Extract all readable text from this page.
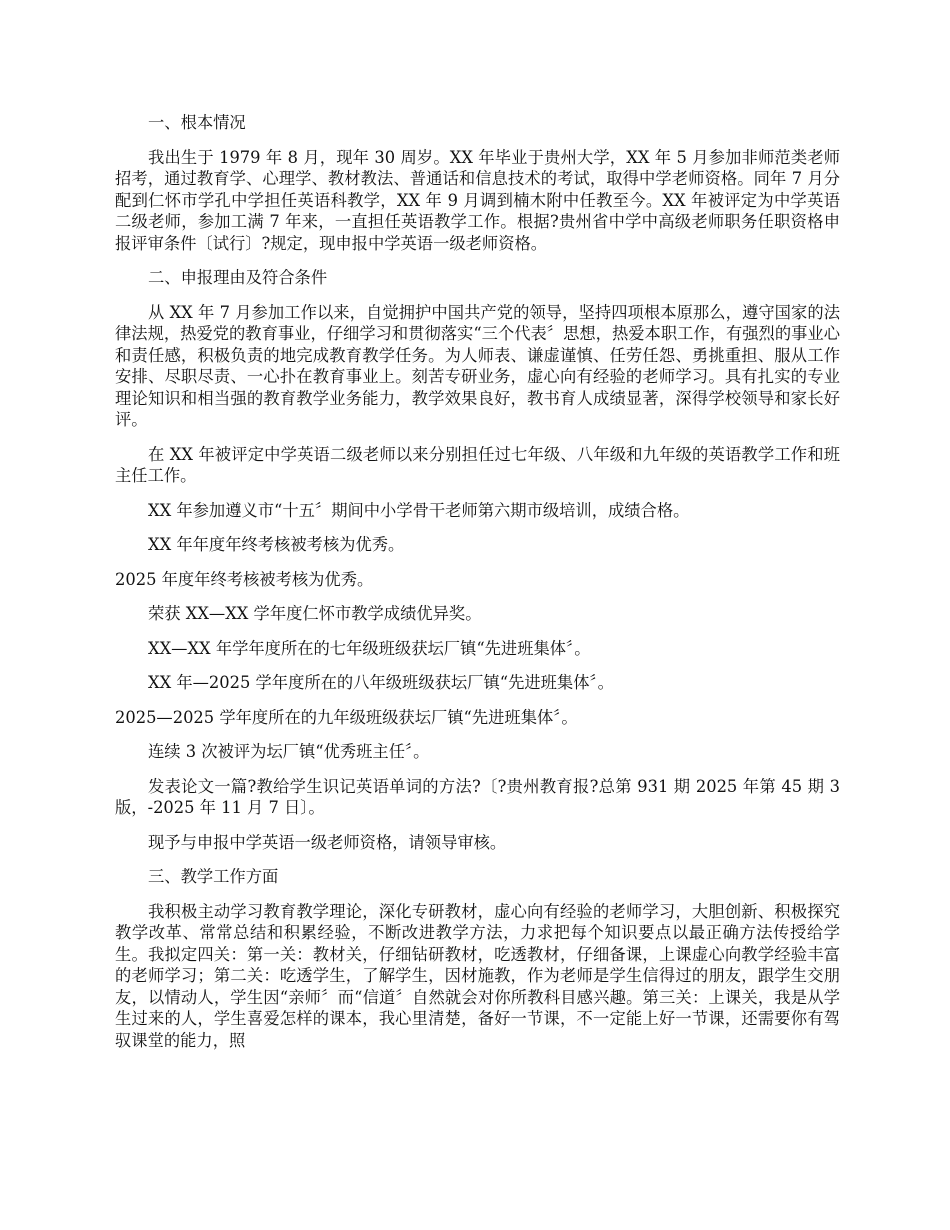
一、根本情况

我出生于 1979 年 8 月，现年 30 周岁。XX 年毕业于贵州大学，XX 年 5 月参加非师范类老师招考，通过教育学、心理学、教材教法、普通话和信息技术的考试，取得中学老师资格。同年 7 月分配到仁怀市学孔中学担任英语科教学，XX 年 9 月调到楠木附中任教至今。XX 年被评定为中学英语二级老师，参加工满 7 年来，一直担任英语教学工作。根据?贵州省中学中高级老师职务任职资格申报评审条件〔试行〕?规定，现申报中学英语一级老师资格。

二、申报理由及符合条件

从 XX 年 7 月参加工作以来，自觉拥护中国共产党的领导，坚持四项根本原那么，遵守国家的法律法规，热爱党的教育事业，仔细学习和贯彻落实“三个代表〞思想，热爱本职工作，有强烈的事业心和责任感，积极负责的地完成教育教学任务。为人师表、谦虚谨慎、任劳任怨、勇挑重担、服从工作安排、尽职尽责、一心扑在教育事业上。刻苦专研业务，虚心向有经验的老师学习。具有扎实的专业理论知识和相当强的教育教学业务能力，教学效果良好，教书育人成绩显著，深得学校领导和家长好评。

在 XX 年被评定中学英语二级老师以来分别担任过七年级、八年级和九年级的英语教学工作和班主任工作。

XX 年参加遵义市“十五〞期间中小学骨干老师第六期市级培训，成绩合格。

XX 年年度年终考核被考核为优秀。

2025 年度年终考核被考核为优秀。

荣获 XX—XX 学年度仁怀市教学成绩优异奖。

XX—XX 年学年度所在的七年级班级获坛厂镇“先进班集体〞。

XX 年—2025 学年度所在的八年级班级获坛厂镇“先进班集体〞。

2025—2025 学年度所在的九年级班级获坛厂镇“先进班集体〞。

连续 3 次被评为坛厂镇“优秀班主任〞。

发表论文一篇?教给学生识记英语单词的方法?〔?贵州教育报?总第 931 期 2025 年第 45 期 3 版，-2025 年 11 月 7 日〕。

现予与申报中学英语一级老师资格，请领导审核。

三、教学工作方面

我积极主动学习教育教学理论，深化专研教材，虚心向有经验的老师学习，大胆创新、积极探究教学改革、常常总结和积累经验，不断改进教学方法，力求把每个知识要点以最正确方法传授给学生。我拟定四关：第一关：教材关，仔细钻研教材，吃透教材，仔细备课，上课虚心向教学经验丰富的老师学习；第二关：吃透学生，了解学生，因材施教，作为老师是学生信得过的朋友，跟学生交朋友，以情动人，学生因“亲师〞而“信道〞自然就会对你所教科目感兴趣。第三关：上课关，我是从学生过来的人，学生喜爱怎样的课本，我心里清楚，备好一节课，不一定能上好一节课，还需要你有驾驭课堂的能力，照
